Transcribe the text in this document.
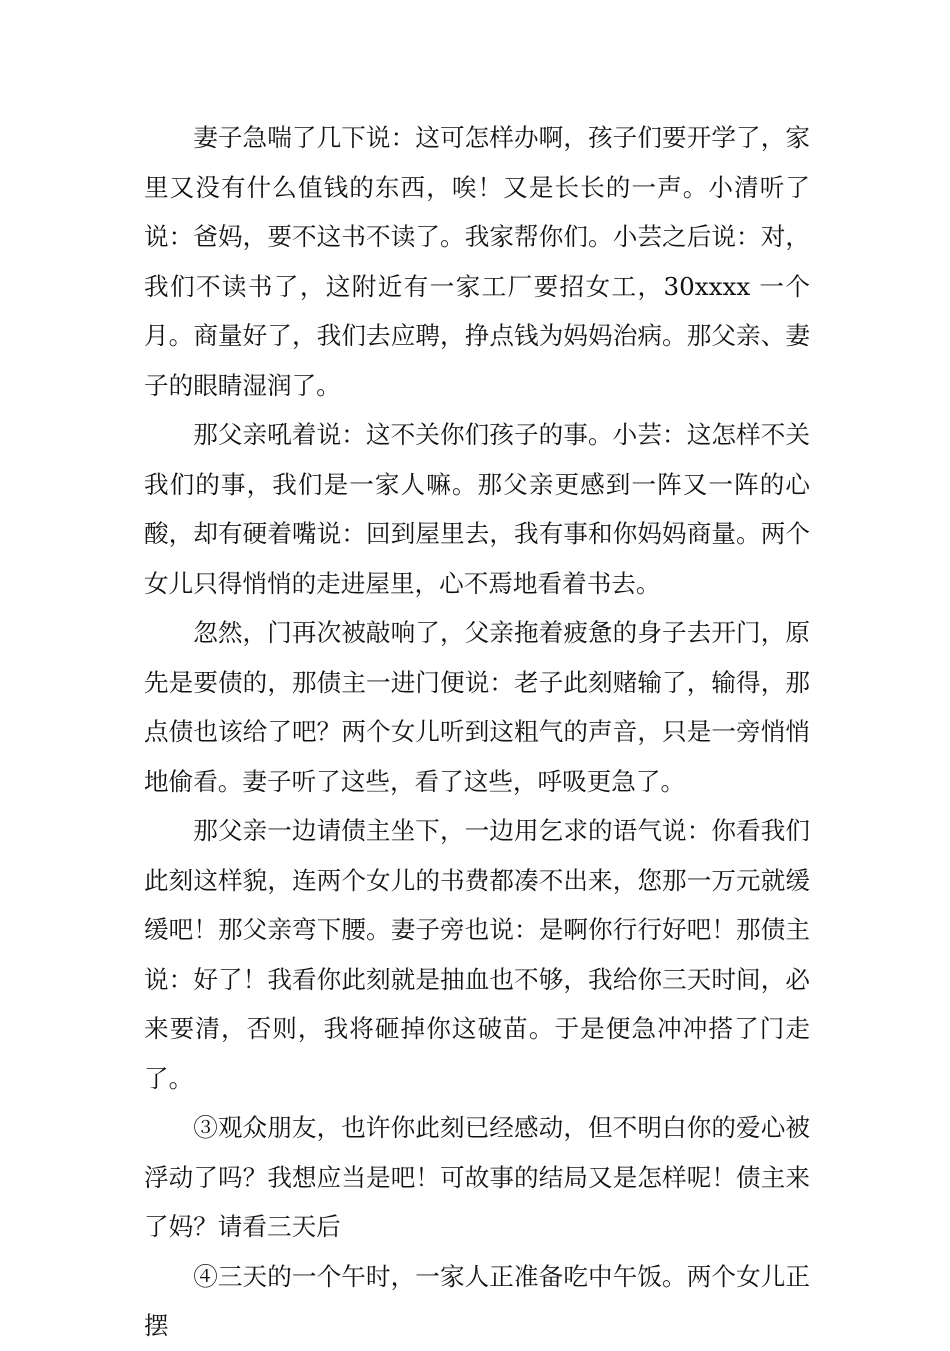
妻子急喘了几下说：这可怎样办啊，孩子们要开学了，家里又没有什么值钱的东西，唉！又是长长的一声。小清听了说：爸妈，要不这书不读了。我家帮你们。小芸之后说：对，我们不读书了，这附近有一家工厂要招女工，30xxxx 一个月。商量好了，我们去应聘，挣点钱为妈妈治病。那父亲、妻子的眼睛湿润了。

那父亲吼着说：这不关你们孩子的事。小芸：这怎样不关我们的事，我们是一家人嘛。那父亲更感到一阵又一阵的心酸，却有硬着嘴说：回到屋里去，我有事和你妈妈商量。两个女儿只得悄悄的走进屋里，心不焉地看着书去。

忽然，门再次被敲响了，父亲拖着疲惫的身子去开门，原先是要债的，那债主一进门便说：老子此刻赌输了，输得，那点债也该给了吧？两个女儿听到这粗气的声音，只是一旁悄悄地偷看。妻子听了这些，看了这些，呼吸更急了。

那父亲一边请债主坐下，一边用乞求的语气说：你看我们此刻这样貌，连两个女儿的书费都凑不出来，您那一万元就缓缓吧！那父亲弯下腰。妻子旁也说：是啊你行行好吧！那债主说：好了！我看你此刻就是抽血也不够，我给你三天时间，必来要清，否则，我将砸掉你这破苗。于是便急冲冲搭了门走了。

③观众朋友，也许你此刻已经感动，但不明白你的爱心被浮动了吗？我想应当是吧！可故事的结局又是怎样呢！债主来了妈？请看三天后

④三天的一个午时，一家人正准备吃中午饭。两个女儿正摆
